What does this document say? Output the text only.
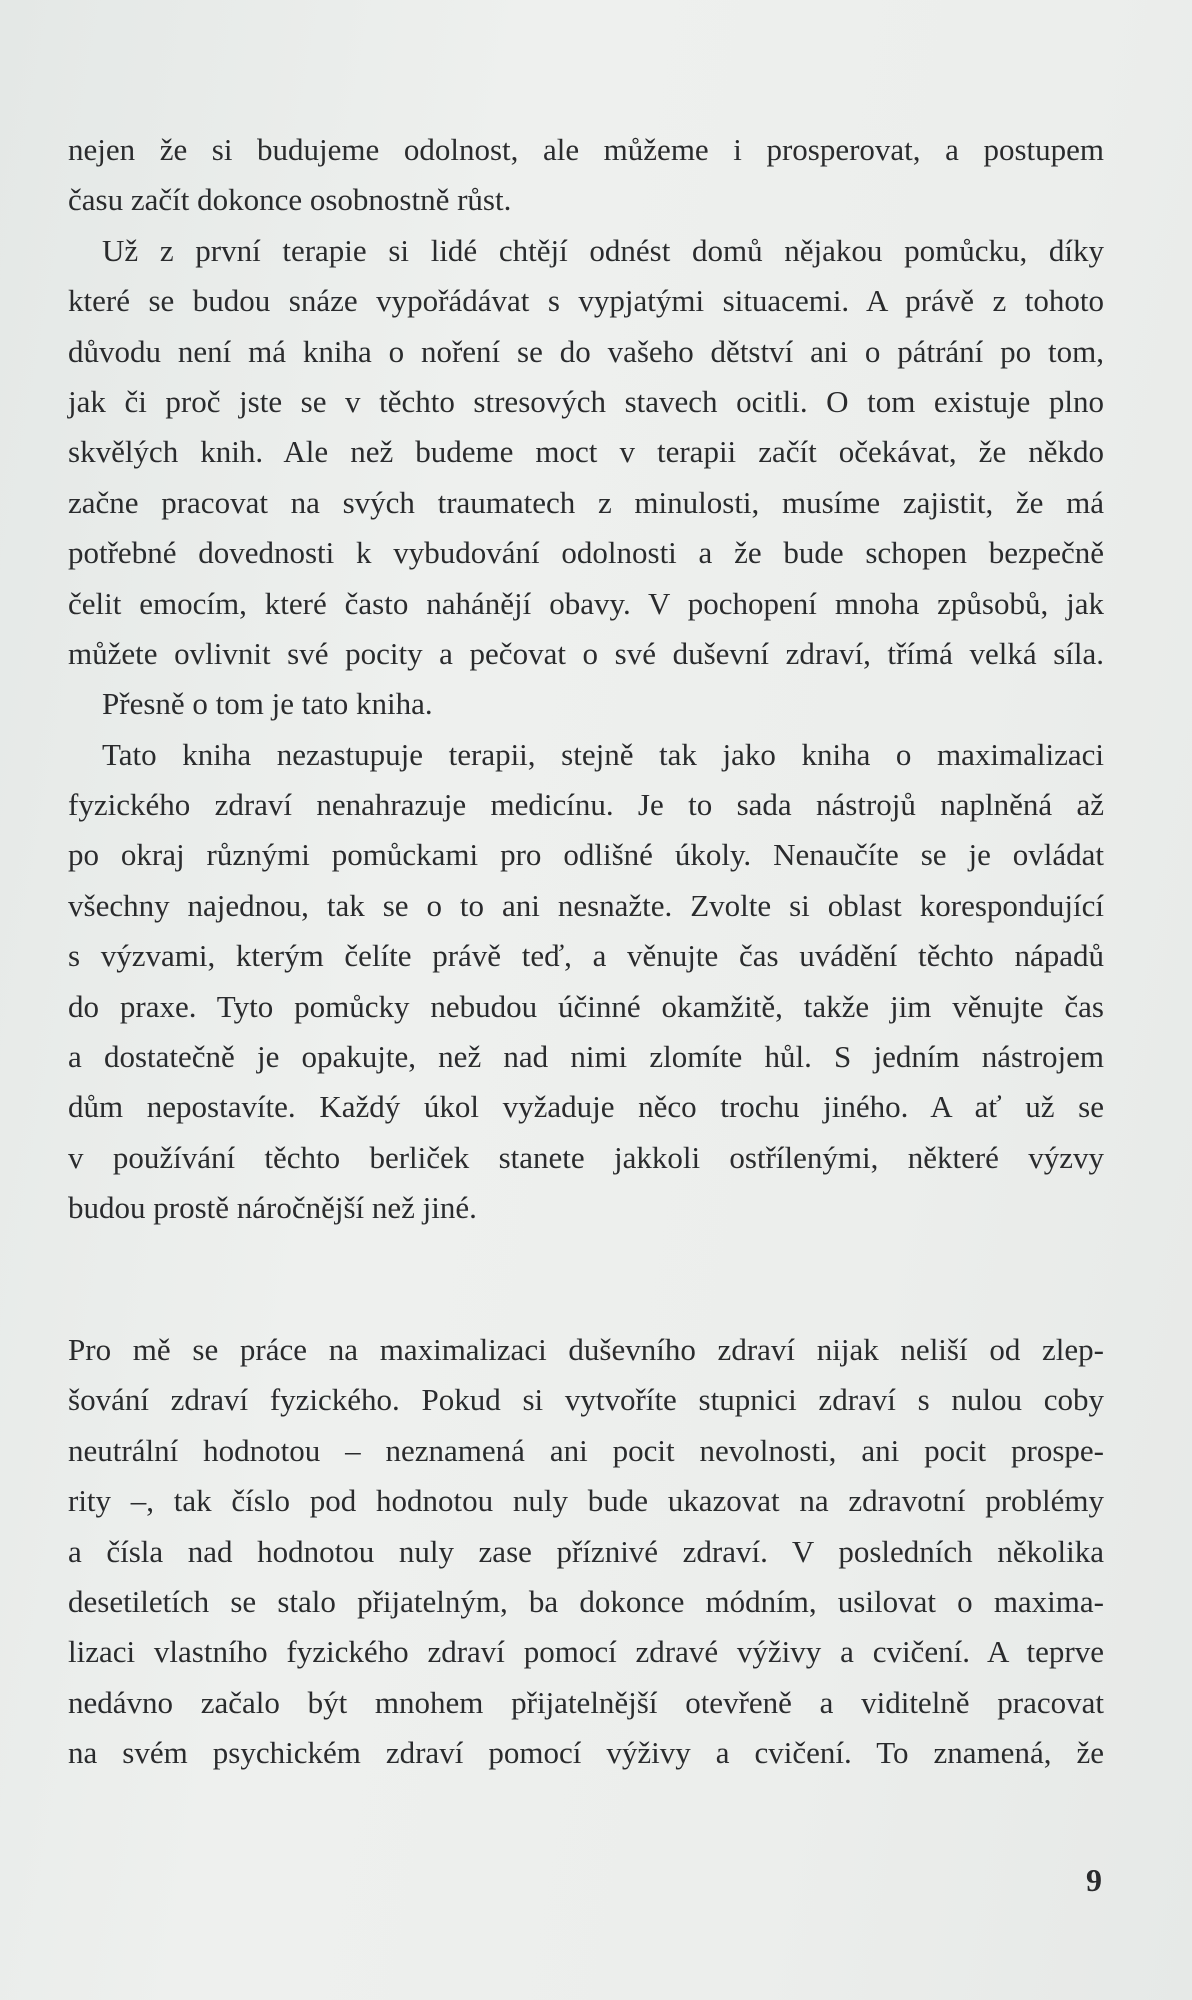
nejen že si budujeme odolnost, ale můžeme i prosperovat, a postupem
času začít dokonce osobnostně růst.

Už z první terapie si lidé chtějí odnést domů nějakou pomůcku, díky
které se budou snáze vypořádávat s vypjatými situacemi. A právě z tohoto
důvodu není má kniha o noření se do vašeho dětství ani o pátrání po tom,
jak či proč jste se v těchto stresových stavech ocitli. O tom existuje plno
skvělých knih. Ale než budeme moct v terapii začít očekávat, že někdo
začne pracovat na svých traumatech z minulosti, musíme zajistit, že má
potřebné dovednosti k vybudování odolnosti a že bude schopen bezpečně
čelit emocím, které často nahánějí obavy. V pochopení mnoha způsobů, jak
můžete ovlivnit své pocity a pečovat o své duševní zdraví, třímá velká síla.

Přesně o tom je tato kniha.

Tato kniha nezastupuje terapii, stejně tak jako kniha o maximalizaci
fyzického zdraví nenahrazuje medicínu. Je to sada nástrojů naplněná až
po okraj různými pomůckami pro odlišné úkoly. Nenaučíte se je ovládat
všechny najednou, tak se o to ani nesnažte. Zvolte si oblast korespondující
s výzvami, kterým čelíte právě teď, a věnujte čas uvádění těchto nápadů
do praxe. Tyto pomůcky nebudou účinné okamžitě, takže jim věnujte čas
a dostatečně je opakujte, než nad nimi zlomíte hůl. S jedním nástrojem
dům nepostavíte. Každý úkol vyžaduje něco trochu jiného. A ať už se
v používání těchto berliček stanete jakkoli ostřílenými, některé výzvy
budou prostě náročnější než jiné.

Pro mě se práce na maximalizaci duševního zdraví nijak neliší od zlep-
šování zdraví fyzického. Pokud si vytvoříte stupnici zdraví s nulou coby
neutrální hodnotou – neznamená ani pocit nevolnosti, ani pocit prospe-
rity –, tak číslo pod hodnotou nuly bude ukazovat na zdravotní problémy
a čísla nad hodnotou nuly zase příznivé zdraví. V posledních několika
desetiletích se stalo přijatelným, ba dokonce módním, usilovat o maxima-
lizaci vlastního fyzického zdraví pomocí zdravé výživy a cvičení. A teprve
nedávno začalo být mnohem přijatelnější otevřeně a viditelně pracovat
na svém psychickém zdraví pomocí výživy a cvičení. To znamená, že

9
